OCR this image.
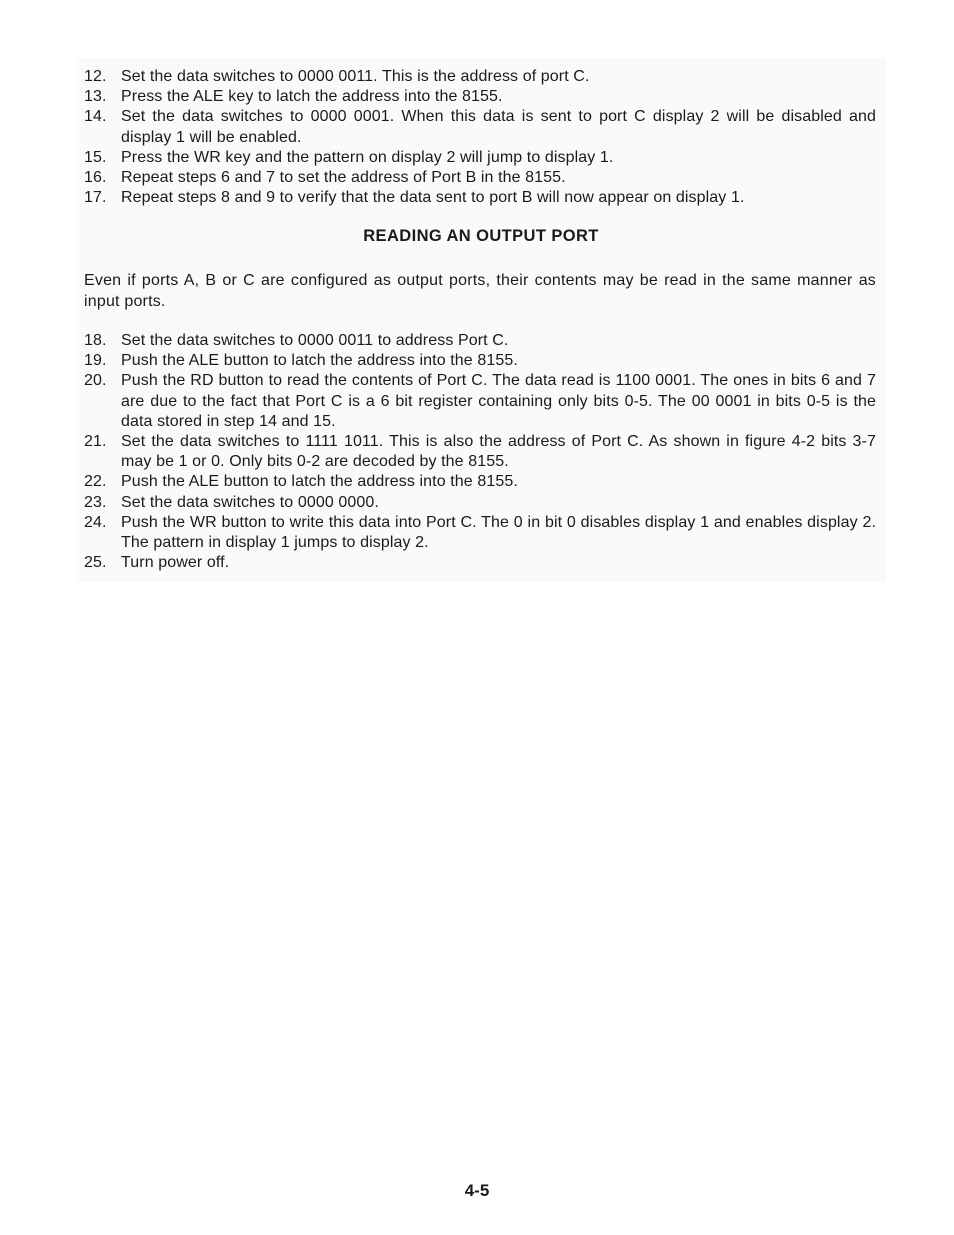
12. Set the data switches to 0000 0011. This is the address of port C.
13. Press the ALE key to latch the address into the 8155.
14. Set the data switches to 0000 0001. When this data is sent to port C display 2 will be disabled and display 1 will be enabled.
15. Press the WR key and the pattern on display 2 will jump to display 1.
16. Repeat steps 6 and 7 to set the address of Port B in the 8155.
17. Repeat steps 8 and 9 to verify that the data sent to port B will now appear on display 1.
READING AN OUTPUT PORT

Even if ports A, B or C are configured as output ports, their contents may be read in the same manner as input ports.

18. Set the data switches to 0000 0011 to address Port C.
19. Push the ALE button to latch the address into the 8155.
20. Push the RD button to read the contents of Port C. The data read is 1100 0001. The ones in bits 6 and 7 are due to the fact that Port C is a 6 bit register containing only bits 0-5. The 00 0001 in bits 0-5 is the data stored in step 14 and 15.
21. Set the data switches to 1111 1011. This is also the address of Port C. As shown in figure 4-2 bits 3-7 may be 1 or 0. Only bits 0-2 are decoded by the 8155.
22. Push the ALE button to latch the address into the 8155.
23. Set the data switches to 0000 0000.
24. Push the WR button to write this data into Port C. The 0 in bit 0 disables display 1 and enables display 2. The pattern in display 1 jumps to display 2.
25. Turn power off.

4-5
